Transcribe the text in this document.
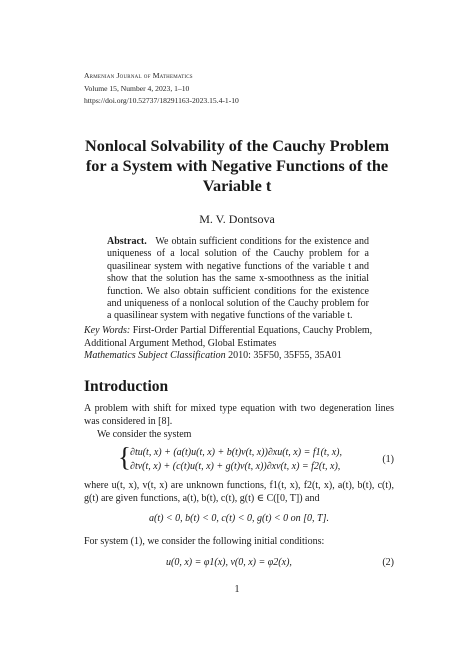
Armenian Journal of Mathematics
Volume 15, Number 4, 2023, 1–10
https://doi.org/10.52737/18291163-2023.15.4-1-10
Nonlocal Solvability of the Cauchy Problem
for a System with Negative Functions of the
Variable t
M. V. Dontsova
Abstract. We obtain sufficient conditions for the existence and uniqueness of a local solution of the Cauchy problem for a quasilinear system with negative functions of the variable t and show that the solution has the same x-smoothness as the initial function. We also obtain sufficient conditions for the existence and uniqueness of a nonlocal solution of the Cauchy problem for a quasilinear system with negative functions of the variable t.
Key Words: First-Order Partial Differential Equations, Cauchy Problem, Additional Argument Method, Global Estimates
Mathematics Subject Classification 2010: 35F50, 35F55, 35A01
Introduction
A problem with shift for mixed type equation with two degeneration lines was considered in [8].
We consider the system
{ ∂tu(t, x) + (a(t)u(t, x) + b(t)v(t, x))∂xu(t, x) = f1(t, x),
∂tv(t, x) + (c(t)u(t, x) + g(t)v(t, x))∂xv(t, x) = f2(t, x),
(1)
where u(t, x), v(t, x) are unknown functions, f1(t, x), f2(t, x), a(t), b(t), c(t), g(t) are given functions, a(t), b(t), c(t), g(t) ∈ C([0, T]) and
a(t) < 0, b(t) < 0, c(t) < 0, g(t) < 0 on [0, T].
For system (1), we consider the following initial conditions:
u(0, x) = φ1(x), v(0, x) = φ2(x),	(2)
1
